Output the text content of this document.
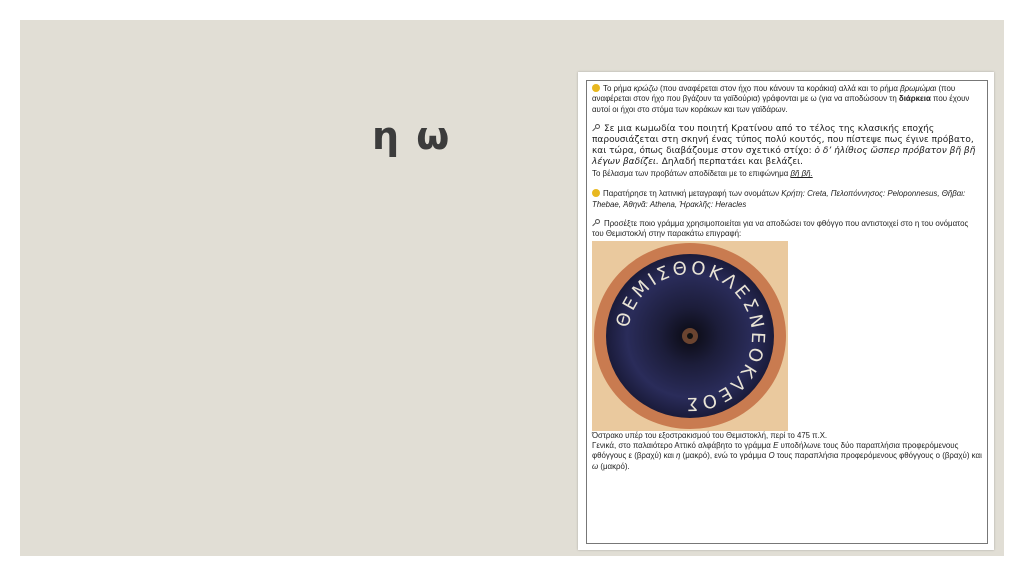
η ω

Το ρήμα κρώζω (που αναφέρεται στον ήχο που κάνουν τα κοράκια) αλλά και το ρήμα βρωμώμαι (που αναφέρεται στον ήχο που βγάζουν τα γαϊδούρια) γράφονται με ω (για να αποδώσουν τη διάρκεια που έχουν αυτοί οι ήχοι στο στόμα των κοράκων και των γαϊδάρων.

Σε μια κωμωδία του ποιητή Κρατίνου από το τέλος της κλασικής εποχής παρουσιάζεται στη σκηνή ένας τύπος πολύ κουτός, που πίστεψε πως έγινε πρόβατο, και τώρα, όπως διαβάζουμε στον σχετικό στίχο: ὁ δ’ ἠλίθιος ὥσπερ πρόβατον βῆ βῆ λέγων βαδίζει. Δηλαδή περπατάει και βελάζει.
Το βέλασμα των προβάτων αποδίδεται με το επιφώνημα βῆ βῆ.

Παρατήρησε τη λατινική μεταγραφή των ονομάτων Κρήτη: Creta, Πελοπόννησος: Peloponnesus, Θῆβαι: Thebae, Ἀθηνᾶ: Athena, Ἡρακλῆς: Heracles

Προσέξτε ποιο γράμμα χρησιμοποιείται για να αποδώσει τον φθόγγο που αντιστοιχεί στο η του ονόματος του Θεμιστοκλή στην παρακάτω επιγραφή:

ΘΕΜΙΣΘΟΚΛΕΣΝΕΟΚΛΕΟΣ

Όστρακο υπέρ του εξοστρακισμού του Θεμιστοκλή, περί το 475 π.Χ.

Γενικά, στο παλαιότερο Αττικό αλφάβητο το γράμμα Ε υποδήλωνε τους δύο παραπλήσια προφερόμενους φθόγγους ε (βραχύ) και η (μακρό), ενώ το γράμμα Ο τους παραπλήσια προφερόμενους φθόγγους ο (βραχύ) και ω (μακρό).
